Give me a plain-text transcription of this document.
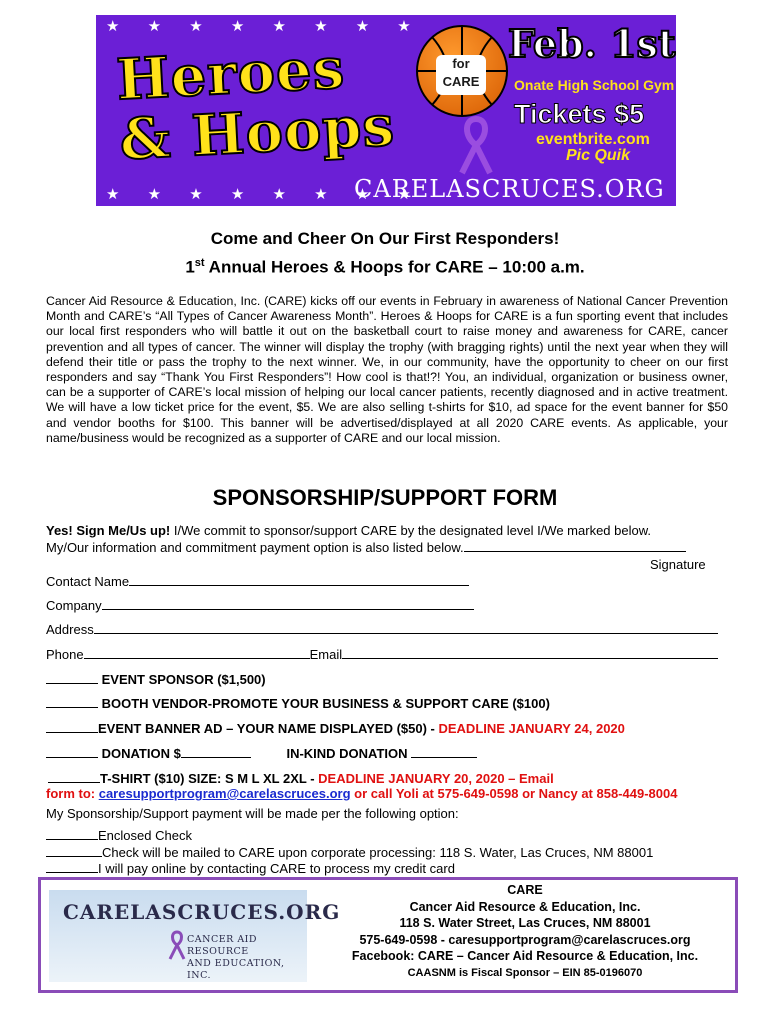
★ ★ ★ ★ ★ ★ ★ ★
★ ★ ★ ★ ★ ★ ★ ★
Heroes
& Hoops
for CARE
Feb. 1st
Onate High School Gym
Tickets $5
eventbrite.com
Pic Quik
CARELASCRUCES.ORG
Come and Cheer On Our First Responders!
1st Annual Heroes & Hoops for CARE – 10:00 a.m.
Cancer Aid Resource & Education, Inc. (CARE) kicks off our events in February in awareness of National Cancer Prevention Month and CARE’s “All Types of Cancer Awareness Month”. Heroes & Hoops for CARE is a fun sporting event that includes our local first responders who will battle it out on the basketball court to raise money and awareness for CARE, cancer prevention and all types of cancer. The winner will display the trophy (with bragging rights) until the next year when they will defend their title or pass the trophy to the next winner. We, in our community, have the opportunity to cheer on our first responders and say “Thank You First Responders”! How cool is that!?! You, an individual, organization or business owner, can be a supporter of CARE’s local mission of helping our local cancer patients, recently diagnosed and in active treatment. We will have a low ticket price for the event, $5. We are also selling t-shirts for $10, ad space for the event banner for $50 and vendor booths for $100. This banner will be advertised/displayed at all 2020 CARE events. As applicable, your name/business would be recognized as a supporter of CARE and our local mission.
SPONSORSHIP/SUPPORT FORM
Yes! Sign Me/Us up! I/We commit to sponsor/support CARE by the designated level I/We marked below.
My/Our information and commitment payment option is also listed below.
Signature
Contact Name
Company
Address
Phone	Email
EVENT SPONSOR ($1,500)
BOOTH VENDOR-PROMOTE YOUR BUSINESS & SUPPORT CARE ($100)
EVENT BANNER AD – YOUR NAME DISPLAYED ($50) - DEADLINE JANUARY 24, 2020
DONATION $	IN-KIND DONATION
T-SHIRT ($10) SIZE: S M L XL 2XL - DEADLINE JANUARY 20, 2020 – Email
form to: caresupportprogram@carelascruces.org or call Yoli at 575-649-0598 or Nancy at 858-449-8004
My Sponsorship/Support payment will be made per the following option:
Enclosed Check
Check will be mailed to CARE upon corporate processing: 118 S. Water, Las Cruces, NM 88001
I will pay online by contacting CARE to process my credit card
CARELASCRUCES.ORG
CANCER AID RESOURCE
AND EDUCATION, INC.
CARE
Cancer Aid Resource & Education, Inc.
118 S. Water Street, Las Cruces, NM 88001
575-649-0598 - caresupportprogram@carelascruces.org
Facebook: CARE – Cancer Aid Resource & Education, Inc.
CAASNM is Fiscal Sponsor – EIN 85-0196070
